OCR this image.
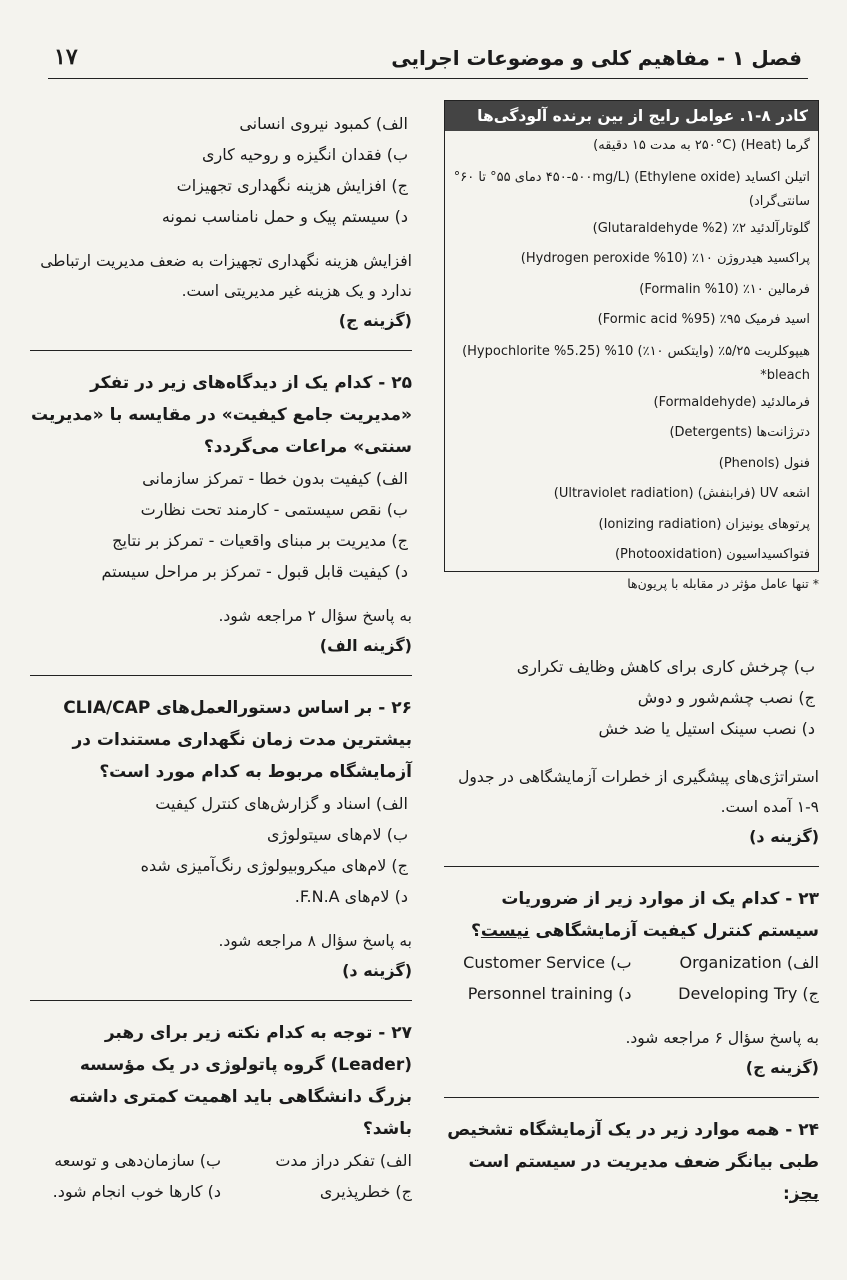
فصل ۱ - مفاهیم کلی و موضوعات اجرایی
۱۷
کادر ۸-۱. عوامل رایج از بین برنده آلودگی‌ها
گرما (Heat) ‎(۲۵۰°C به مدت ۱۵ دقیقه)
اتیلن اکساید (Ethylene oxide) ‎(۴۵۰-۵۰۰mg/L دمای ۵۵° تا ۶۰° سانتی‌گراد)
گلوتارآلدئید ۲٪ (2% Glutaraldehyde)
پراکسید هیدروژن ۱۰٪ (10% Hydrogen peroxide)
فرمالین ۱۰٪ (10% Formalin)
اسید فرمیک ۹۵٪ (95% Formic acid)
هیپوکلریت ۵/۲۵٪ (وایتکس ۱۰٪) 10% (5.25% Hypochlorite) bleach*
فرمالدئید (Formaldehyde)
دترژانت‌ها (Detergents)
فنول (Phenols)
اشعه UV (فرابنفش) (Ultraviolet radiation)
پرتوهای یونیزان (Ionizing radiation)
فتواکسیداسیون (Photooxidation)
* تنها عامل مؤثر در مقابله با پریون‌ها
ب) چرخش کاری برای کاهش وظایف تکراری
ج) نصب چشم‌شور و دوش
د) نصب سینک استیل یا ضد خش

استراتژی‌های پیشگیری از خطرات آزمایشگاهی در جدول ۹-۱ آمده است.

(گزینه د)

۲۳ - کدام یک از موارد زیر از ضروریات سیستم کنترل کیفیت آزمایشگاهی نیست؟

الف) Organization
ب) Customer Service
ج) Developing Try
د) Personnel training

به پاسخ سؤال ۶ مراجعه شود.

(گزینه ج)

۲۴ - همه موارد زیر در یک آزمایشگاه تشخیص طبی بیانگر ضعف مدیریت در سیستم است بجز:

الف) کمبود نیروی انسانی
ب) فقدان انگیزه و روحیه کاری
ج) افزایش هزینه نگهداری تجهیزات
د) سیستم پیک و حمل نامناسب نمونه

افزایش هزینه نگهداری تجهیزات به ضعف مدیریت ارتباطی ندارد و یک هزینه غیر مدیریتی است.

(گزینه ج)

۲۵ - کدام یک از دیدگاه‌های زیر در تفکر «مدیریت جامع کیفیت» در مقایسه با «مدیریت سنتی» مراعات می‌گردد؟

الف) کیفیت بدون خطا - تمرکز سازمانی
ب) نقص سیستمی - کارمند تحت نظارت
ج) مدیریت بر مبنای واقعیات - تمرکز بر نتایج
د) کیفیت قابل قبول - تمرکز بر مراحل سیستم

به پاسخ سؤال ۲ مراجعه شود.

(گزینه الف)

۲۶ - بر اساس دستورالعمل‌های CLIA/CAP بیشترین مدت زمان نگهداری مستندات در آزمایشگاه مربوط به کدام مورد است؟

الف) اسناد و گزارش‌های کنترل کیفیت
ب) لام‌های سیتولوژی
ج) لام‌های میکروبیولوژی رنگ‌آمیزی شده
د) لام‌های F.N.A.

به پاسخ سؤال ۸ مراجعه شود.

(گزینه د)

۲۷ - توجه به کدام نکته زیر برای رهبر (Leader) گروه پاتولوژی در یک مؤسسه بزرگ دانشگاهی باید اهمیت کمتری داشته باشد؟

الف) تفکر دراز مدت
ب) سازمان‌دهی و توسعه
ج) خطرپذیری
د) کارها خوب انجام شود.
